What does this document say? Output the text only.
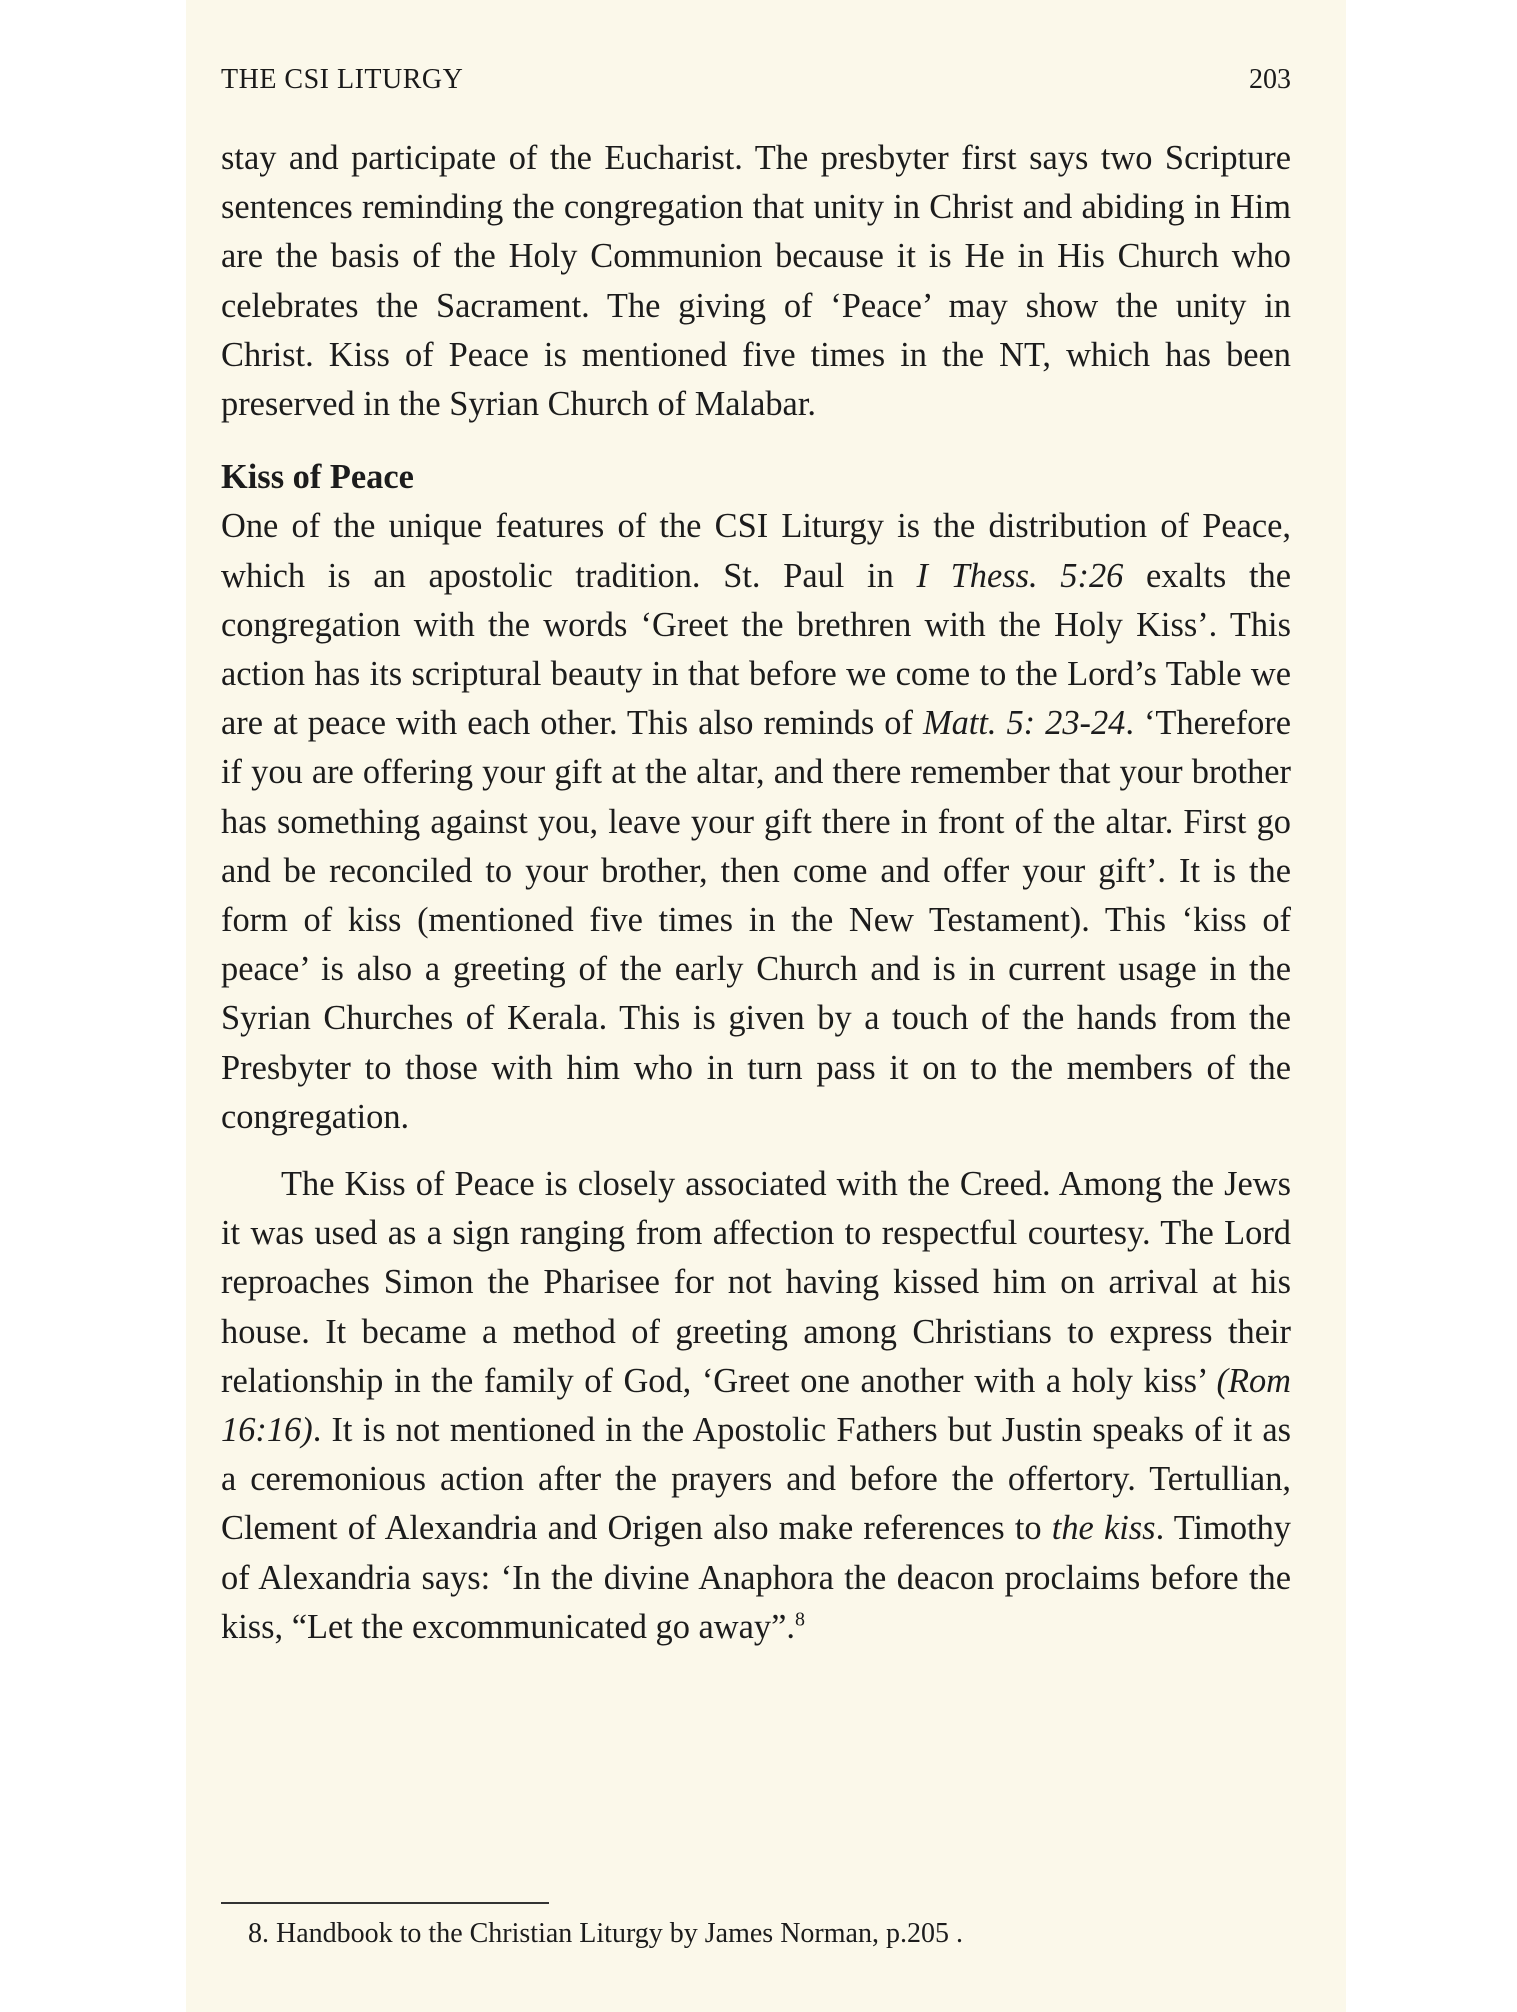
THE CSI LITURGY	203

stay and participate of the Eucharist. The presbyter first says two Scripture sentences reminding the congregation that unity in Christ and abiding in Him are the basis of the Holy Communion because it is He in His Church who celebrates the Sacrament. The giving of ‘Peace’ may show the unity in Christ. Kiss of Peace is mentioned five times in the NT, which has been preserved in the Syrian Church of Malabar.

Kiss of Peace

One of the unique features of the CSI Liturgy is the distribution of Peace, which is an apostolic tradition. St. Paul in I Thess. 5:26 exalts the congregation with the words ‘Greet the brethren with the Holy Kiss’. This action has its scriptural beauty in that before we come to the Lord’s Table we are at peace with each other. This also reminds of Matt. 5: 23-24. ‘Therefore if you are offering your gift at the altar, and there remember that your brother has something against you, leave your gift there in front of the altar. First go and be reconciled to your brother, then come and offer your gift’. It is the form of kiss (mentioned five times in the New Testament). This ‘kiss of peace’ is also a greeting of the early Church and is in current usage in the Syrian Churches of Kerala. This is given by a touch of the hands from the Presbyter to those with him who in turn pass it on to the members of the congregation.

The Kiss of Peace is closely associated with the Creed. Among the Jews it was used as a sign ranging from affection to respectful courtesy. The Lord reproaches Simon the Pharisee for not having kissed him on arrival at his house. It became a method of greeting among Christians to express their relationship in the family of God, ‘Greet one another with a holy kiss’ (Rom 16:16). It is not mentioned in the Apostolic Fathers but Justin speaks of it as a ceremonious action after the prayers and before the offertory. Tertullian, Clement of Alexandria and Origen also make references to the kiss. Timothy of Alexandria says: ‘In the divine Anaphora the deacon proclaims before the kiss, “Let the excommunicated go away”.$^8$

8. Handbook to the Christian Liturgy by James Norman, p.205 .
